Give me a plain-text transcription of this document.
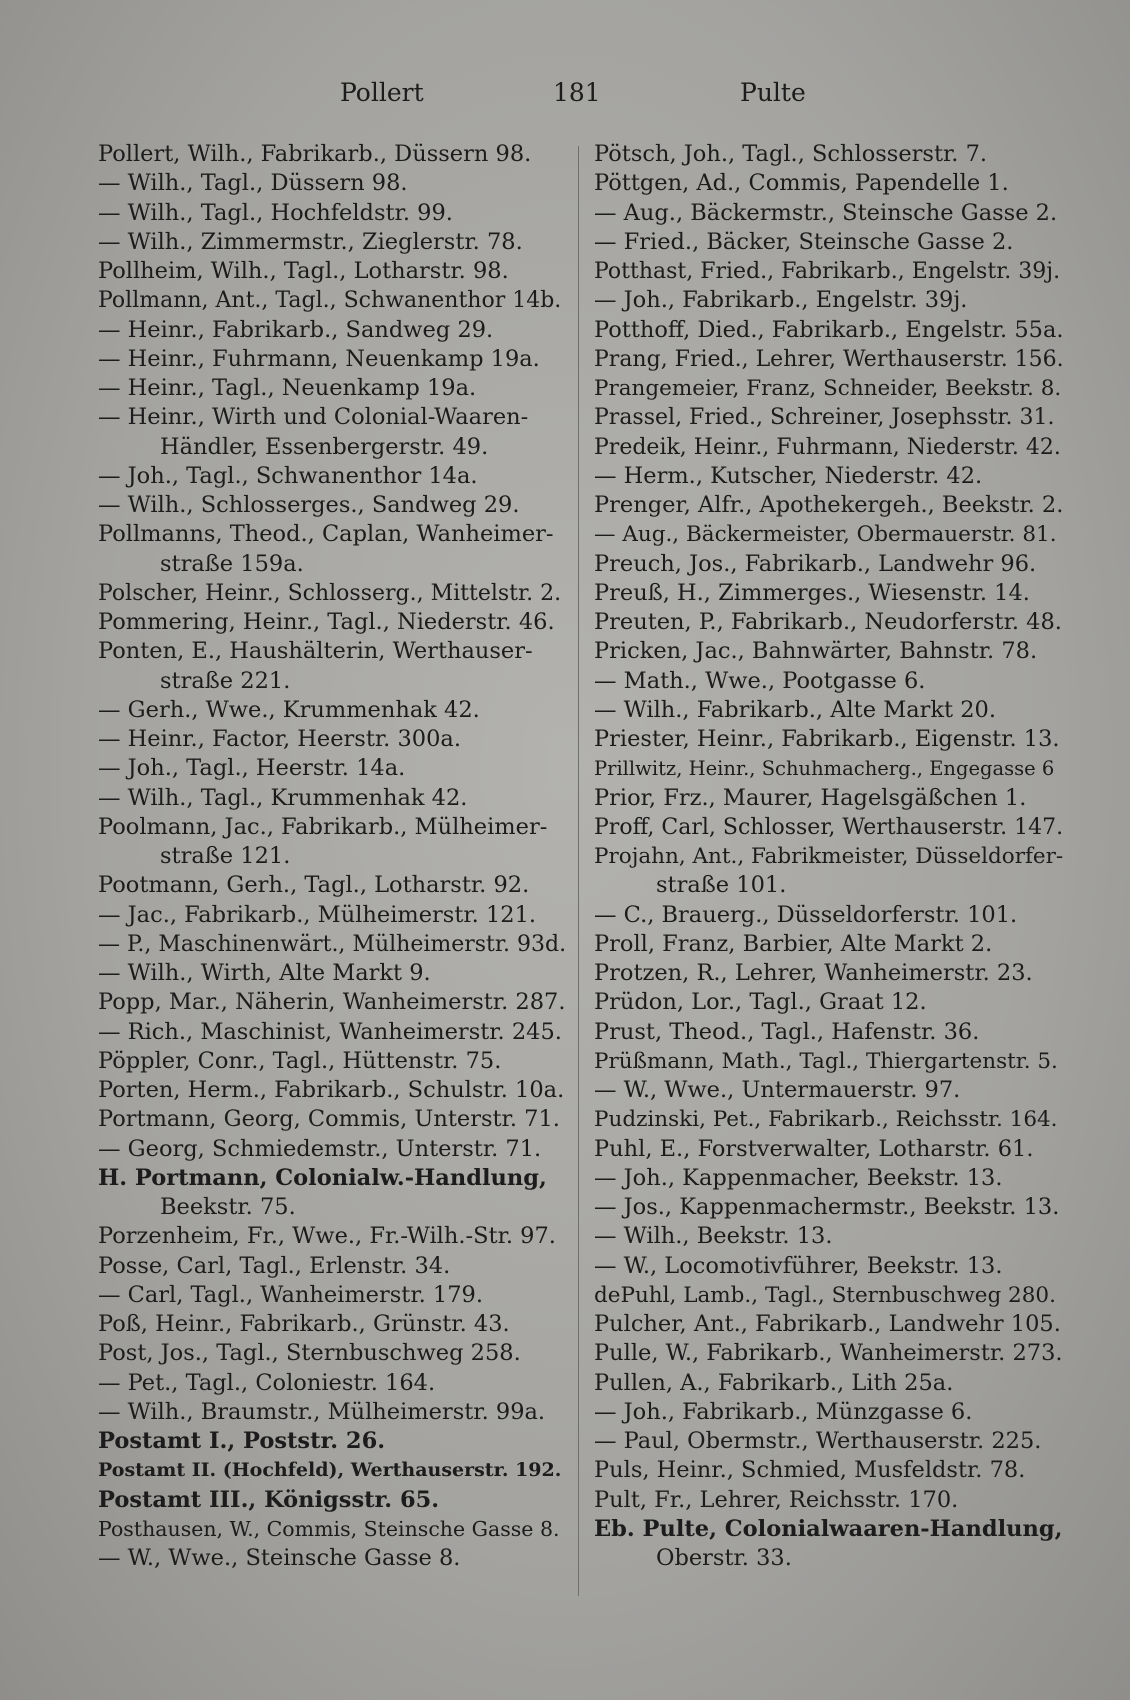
Pollert	181	Pulte
Pollert, Wilh., Fabrikarb., Düssern 98.
— Wilh., Tagl., Düssern 98.
— Wilh., Tagl., Hochfeldstr. 99.
— Wilh., Zimmermstr., Zieglerstr. 78.
Pollheim, Wilh., Tagl., Lotharstr. 98.
Pollmann, Ant., Tagl., Schwanenthor 14b.
— Heinr., Fabrikarb., Sandweg 29.
— Heinr., Fuhrmann, Neuenkamp 19a.
— Heinr., Tagl., Neuenkamp 19a.
— Heinr., Wirth und Colonial-Waaren-
Händler, Essenbergerstr. 49.
— Joh., Tagl., Schwanenthor 14a.
— Wilh., Schlosserges., Sandweg 29.
Pollmanns, Theod., Caplan, Wanheimer-
straße 159a.
Polscher, Heinr., Schlosserg., Mittelstr. 2.
Pommering, Heinr., Tagl., Niederstr. 46.
Ponten, E., Haushälterin, Werthauser-
straße 221.
— Gerh., Wwe., Krummenhak 42.
— Heinr., Factor, Heerstr. 300a.
— Joh., Tagl., Heerstr. 14a.
— Wilh., Tagl., Krummenhak 42.
Poolmann, Jac., Fabrikarb., Mülheimer-
straße 121.
Pootmann, Gerh., Tagl., Lotharstr. 92.
— Jac., Fabrikarb., Mülheimerstr. 121.
— P., Maschinenwärt., Mülheimerstr. 93d.
— Wilh., Wirth, Alte Markt 9.
Popp, Mar., Näherin, Wanheimerstr. 287.
— Rich., Maschinist, Wanheimerstr. 245.
Pöppler, Conr., Tagl., Hüttenstr. 75.
Porten, Herm., Fabrikarb., Schulstr. 10a.
Portmann, Georg, Commis, Unterstr. 71.
— Georg, Schmiedemstr., Unterstr. 71.
H. Portmann, Colonialw.-Handlung,
Beekstr. 75.
Porzenheim, Fr., Wwe., Fr.-Wilh.-Str. 97.
Posse, Carl, Tagl., Erlenstr. 34.
— Carl, Tagl., Wanheimerstr. 179.
Poß, Heinr., Fabrikarb., Grünstr. 43.
Post, Jos., Tagl., Sternbuschweg 258.
— Pet., Tagl., Coloniestr. 164.
— Wilh., Braumstr., Mülheimerstr. 99a.
Postamt I., Poststr. 26.
Postamt II. (Hochfeld), Werthauserstr. 192.
Postamt III., Königsstr. 65.
Posthausen, W., Commis, Steinsche Gasse 8.
— W., Wwe., Steinsche Gasse 8.
Pötsch, Joh., Tagl., Schlosserstr. 7.
Pöttgen, Ad., Commis, Papendelle 1.
— Aug., Bäckermstr., Steinsche Gasse 2.
— Fried., Bäcker, Steinsche Gasse 2.
Potthast, Fried., Fabrikarb., Engelstr. 39j.
— Joh., Fabrikarb., Engelstr. 39j.
Potthoff, Died., Fabrikarb., Engelstr. 55a.
Prang, Fried., Lehrer, Werthauserstr. 156.
Prangemeier, Franz, Schneider, Beekstr. 8.
Prassel, Fried., Schreiner, Josephsstr. 31.
Predeik, Heinr., Fuhrmann, Niederstr. 42.
— Herm., Kutscher, Niederstr. 42.
Prenger, Alfr., Apothekergeh., Beekstr. 2.
— Aug., Bäckermeister, Obermauerstr. 81.
Preuch, Jos., Fabrikarb., Landwehr 96.
Preuß, H., Zimmerges., Wiesenstr. 14.
Preuten, P., Fabrikarb., Neudorferstr. 48.
Pricken, Jac., Bahnwärter, Bahnstr. 78.
— Math., Wwe., Pootgasse 6.
— Wilh., Fabrikarb., Alte Markt 20.
Priester, Heinr., Fabrikarb., Eigenstr. 13.
Prillwitz, Heinr., Schuhmacherg., Engegasse 6
Prior, Frz., Maurer, Hagelsgäßchen 1.
Proff, Carl, Schlosser, Werthauserstr. 147.
Projahn, Ant., Fabrikmeister, Düsseldorfer-
straße 101.
— C., Brauerg., Düsseldorferstr. 101.
Proll, Franz, Barbier, Alte Markt 2.
Protzen, R., Lehrer, Wanheimerstr. 23.
Prüdon, Lor., Tagl., Graat 12.
Prust, Theod., Tagl., Hafenstr. 36.
Prüßmann, Math., Tagl., Thiergartenstr. 5.
— W., Wwe., Untermauerstr. 97.
Pudzinski, Pet., Fabrikarb., Reichsstr. 164.
Puhl, E., Forstverwalter, Lotharstr. 61.
— Joh., Kappenmacher, Beekstr. 13.
— Jos., Kappenmachermstr., Beekstr. 13.
— Wilh., Beekstr. 13.
— W., Locomotivführer, Beekstr. 13.
dePuhl, Lamb., Tagl., Sternbuschweg 280.
Pulcher, Ant., Fabrikarb., Landwehr 105.
Pulle, W., Fabrikarb., Wanheimerstr. 273.
Pullen, A., Fabrikarb., Lith 25a.
— Joh., Fabrikarb., Münzgasse 6.
— Paul, Obermstr., Werthauserstr. 225.
Puls, Heinr., Schmied, Musfeldstr. 78.
Pult, Fr., Lehrer, Reichsstr. 170.
Eb. Pulte, Colonialwaaren-Handlung,
Oberstr. 33.
